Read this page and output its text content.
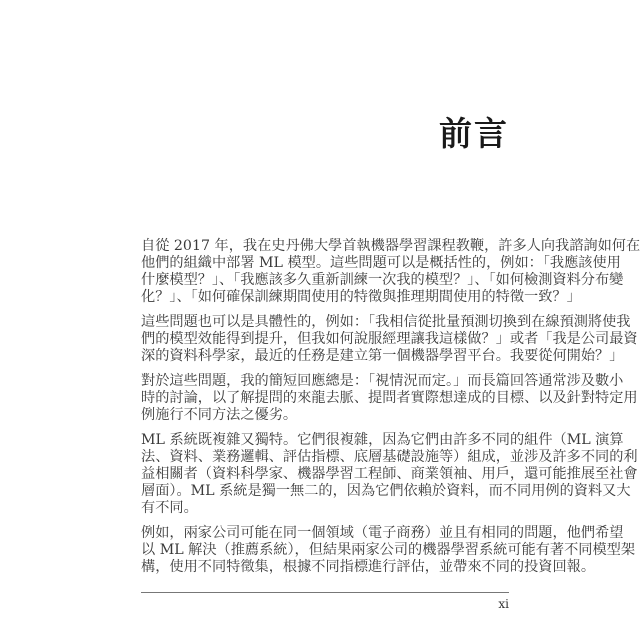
前言
自從 2017 年，我在史丹佛大學首執機器學習課程教鞭，許多人向我諮詢如何在
他們的組織中部署 ML 模型。這些問題可以是概括性的，例如：「我應該使用
什麼模型？」、「我應該多久重新訓練一次我的模型？」、「如何檢測資料分布變
化？」、「如何確保訓練期間使用的特徵與推理期間使用的特徵一致？」
這些問題也可以是具體性的，例如：「我相信從批量預測切換到在線預測將使我
們的模型效能得到提升，但我如何說服經理讓我這樣做？」或者「我是公司最資
深的資料科學家，最近的任務是建立第一個機器學習平台。我要從何開始？」
對於這些問題，我的簡短回應總是：「視情況而定。」而長篇回答通常涉及數小
時的討論，以了解提問的來龍去脈、提問者實際想達成的目標、以及針對特定用
例施行不同方法之優劣。
ML 系統既複雜又獨特。它們很複雜，因為它們由許多不同的組件（ML 演算
法、資料、業務邏輯、評估指標、底層基礎設施等）組成，並涉及許多不同的利
益相關者（資料科學家、機器學習工程師、商業領袖、用戶，還可能推展至社會
層面）。ML 系統是獨一無二的，因為它們依賴於資料，而不同用例的資料又大
有不同。
例如，兩家公司可能在同一個領域（電子商務）並且有相同的問題，他們希望
以 ML 解決（推薦系統），但結果兩家公司的機器學習系統可能有著不同模型架
構，使用不同特徵集，根據不同指標進行評估，並帶來不同的投資回報。
xi
